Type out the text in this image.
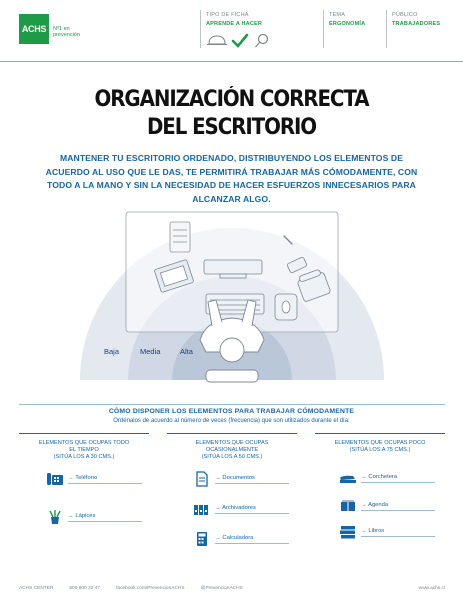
ACHS	Nº1 en prevención
TIPO DE FICHA
APRENDE A HACER
TEMA
ERGONOMÍA
PÚBLICO
TRABAJADORES
ORGANIZACIÓN CORRECTA
DEL ESCRITORIO
MANTENER TU ESCRITORIO ORDENADO, DISTRIBUYENDO LOS ELEMENTOS DE ACUERDO AL USO QUE LE DAS, TE PERMITIRÁ TRABAJAR MÁS CÓMODAMENTE, CON TODO A LA MANO Y SIN LA NECESIDAD DE HACER ESFUERZOS INNECESARIOS PARA ALCANZAR ALGO.
Baja	Media	Alta
CÓMO DISPONER LOS ELEMENTOS PARA TRABAJAR CÓMODAMENTE
Ordénalos de acuerdo al número de veces (frecuencia) que son utilizados durante el día:
ELEMENTOS QUE OCUPAS TODO EL TIEMPO
(SITÚA LOS A 30 CMS.)
→ Teléfono
→ Lápices
ELEMENTOS QUE OCUPAS OCASIONALMENTE
(SITÚA LOS A 50 CMS.)
→ Documentos
→ Archivadores
→ Calculadora
ELEMENTOS QUE OCUPAS POCO
(SITÚA LOS A 75 CMS.)
→ Corchetera
→ Agenda
→ Libros
ACHS CENTER	600 600 22 47	facebook.com/PrevencionACHS	@PrevencionACHS	www.achs.cl
